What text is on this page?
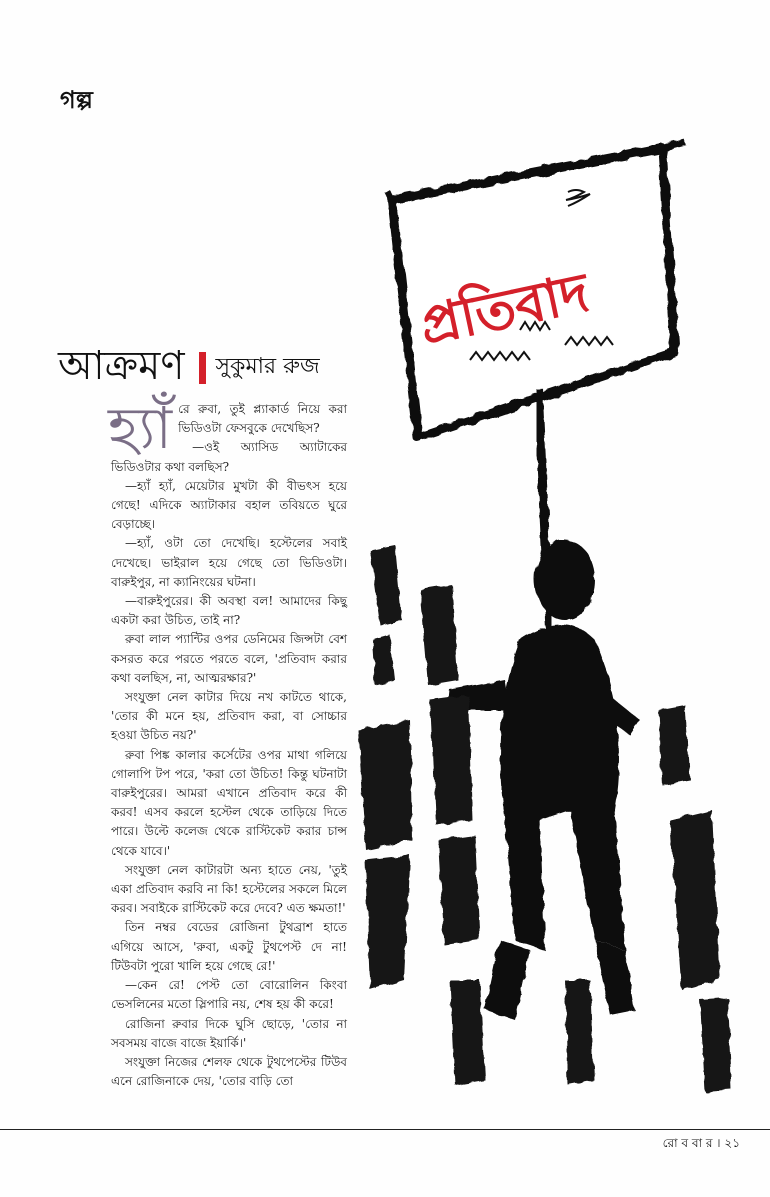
গল
প্রতিবাদ
আক্রমণ সুকুমার রুজ

হ্যাঁ রে রুবা, তুই প্ল্যাকার্ড নিয়ে করা ভিডিওটা ফেসবুকে দেখেছিস?

—ওই অ্যাসিড অ্যাটাকের ভিডিওটার কথা বলছিস?

—হ্যাঁ হ্যাঁ, মেয়েটার মুখটা কী বীভৎস হয়ে গেছে! এদিকে অ্যাটাকার বহাল তবিয়তে ঘুরে বেড়াচ্ছে।

—হ্যাঁ, ওটা তো দেখেছি। হস্টেলের সবাই দেখেছে। ভাইরাল হয়ে গেছে তো ভিডিওটা। বারুইপুর, না ক্যানিংয়ের ঘটনা।

—বারুইপুরের। কী অবস্থা বল! আমাদের কিছু একটা করা উচিত, তাই না?

রুবা লাল প্যান্টির ওপর ডেনিমের জিন্সটা বেশ কসরত করে পরতে পরতে বলে, 'প্রতিবাদ করার কথা বলছিস, না, আত্মরক্ষার?'

সংযুক্তা নেল কাটার দিয়ে নখ কাটতে থাকে, 'তোর কী মনে হয়, প্রতিবাদ করা, বা সোচ্চার হওয়া উচিত নয়?'

রুবা পিঙ্ক কালার কর্সেটের ওপর মাথা গলিয়ে গোলাপি টপ পরে, 'করা তো উচিত! কিন্তু ঘটনাটা বারুইপুরের। আমরা এখানে প্রতিবাদ করে কী করব! এসব করলে হস্টেল থেকে তাড়িয়ে দিতে পারে। উল্টে কলেজ থেকে রাস্টিকেট করার চান্স থেকে যাবে।'

সংযুক্তা নেল কাটারটা অন্য হাতে নেয়, 'তুই একা প্রতিবাদ করবি না কি! হস্টেলের সকলে মিলে করব। সবাইকে রাস্টিকেট করে দেবে? এত ক্ষমতা!'

তিন নম্বর বেডের রোজিনা টুথব্রাশ হাতে এগিয়ে আসে, 'রুবা, একটু টুথপেস্ট দে না! টিউবটা পুরো খালি হয়ে গেছে রে!'

—কেন রে! পেস্ট তো বোরোলিন কিংবা ভেসলিনের মতো স্লিপারি নয়, শেষ হয় কী করে!

রোজিনা রুবার দিকে ঘুসি ছোড়ে, 'তোর না সবসময় বাজে বাজে ইয়ার্কি।'

সংযুক্তা নিজের শেলফ থেকে টুথপেস্টের টিউব এনে রোজিনাকে দেয়, 'তোর বাড়ি তো

রো ব বা র । ২১
